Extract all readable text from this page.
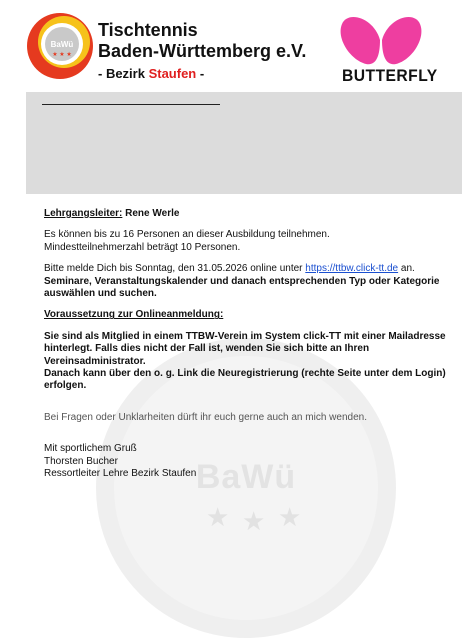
BaWü
★ ★ ★
BaWü
★ ★ ★
Tischtennis
Baden-Württemberg e.V.
- Bezirk Staufen -	BUTTERFLY

Lehrgangsleiter: Rene Werle

Es können bis zu 16 Personen an dieser Ausbildung teilnehmen.
Mindestteilnehmerzahl beträgt 10 Personen.

Bitte melde Dich bis Sonntag, den 31.05.2026 online unter https://ttbw.click-tt.de an.
Seminare, Veranstaltungskalender und danach entsprechenden Typ oder Kategorie auswählen und suchen.

Voraussetzung zur Onlineanmeldung:

Sie sind als Mitglied in einem TTBW-Verein im System click-TT mit einer Mailadresse hinterlegt. Falls dies nicht der Fall ist, wenden Sie sich bitte an Ihren Vereinsadministrator.
Danach kann über den o. g. Link die Neuregistrierung (rechte Seite unter dem Login) erfolgen.

Bei Fragen oder Unklarheiten dürft ihr euch gerne auch an mich wenden.

Mit sportlichem Gruß
Thorsten Bucher
Ressortleiter Lehre Bezirk Staufen
